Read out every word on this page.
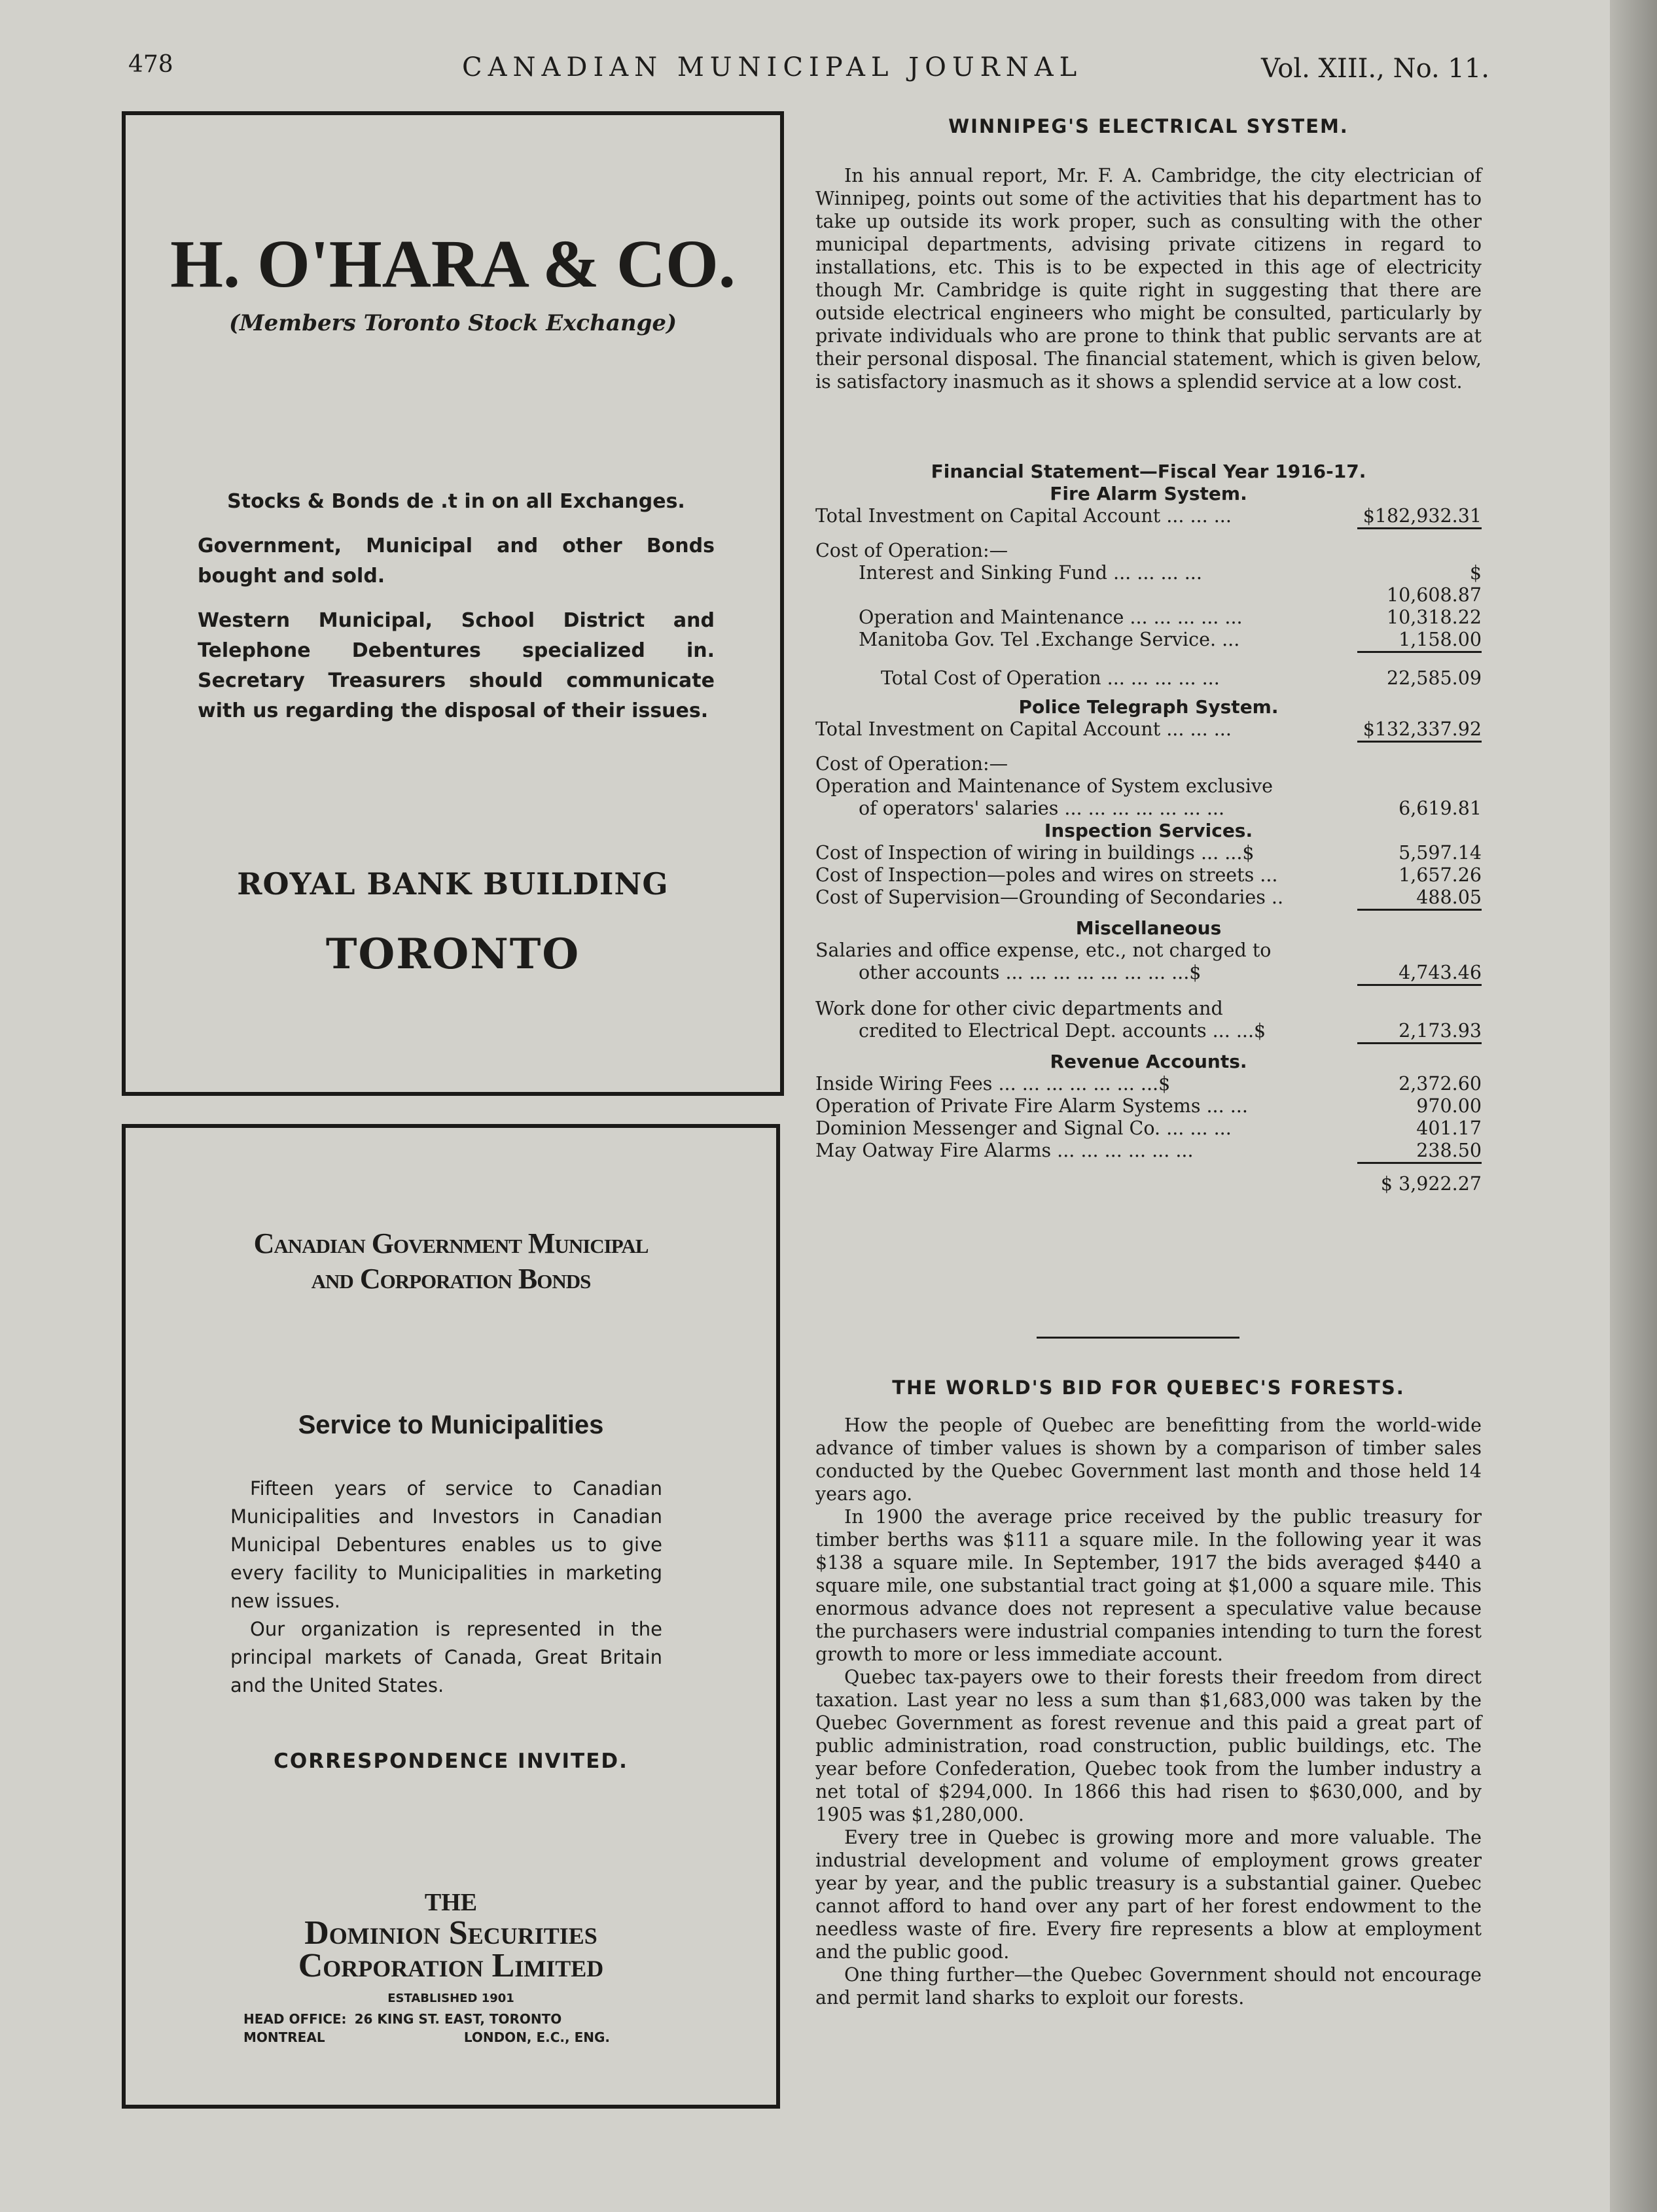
478	CANADIAN MUNICIPAL JOURNAL	Vol. XIII., No. 11.
H. O'HARA & CO.
(Members Toronto Stock Exchange)

Stocks & Bonds de .t in on all Exchanges.

Government, Municipal and other Bonds bought and sold.

Western Municipal, School District and Telephone Debentures specialized in. Secretary Treasurers should communicate with us regarding the disposal of their issues.

ROYAL BANK BUILDING
TORONTO
Canadian Government Municipal
and Corporation Bonds
Service to Municipalities

Fifteen years of service to Canadian Municipalities and Investors in Canadian Municipal Debentures enables us to give every facility to Municipalities in marketing new issues.

Our organization is represented in the principal markets of Canada, Great Britain and the United States.

CORRESPONDENCE INVITED.
THE
Dominion Securities
Corporation Limited
ESTABLISHED 1901
HEAD OFFICE: 26 KING ST. EAST, TORONTO
MONTREAL	LONDON, E.C., ENG.
WINNIPEG'S ELECTRICAL SYSTEM.

In his annual report, Mr. F. A. Cambridge, the city electrician of Winnipeg, points out some of the activities that his department has to take up outside its work proper, such as consulting with the other municipal departments, advising private citizens in regard to installations, etc. This is to be expected in this age of electricity though Mr. Cambridge is quite right in suggesting that there are outside electrical engineers who might be consulted, particularly by private individuals who are prone to think that public servants are at their personal disposal. The financial statement, which is given below, is satisfactory inasmuch as it shows a splendid service at a low cost.

Financial Statement—Fiscal Year 1916-17.
Fire Alarm System.
Total Investment on Capital Account ... ... ...	$182,932.31
Cost of Operation:—
Interest and Sinking Fund ... ... ... ...	$ 10,608.87
Operation and Maintenance ... ... ... ... ...	10,318.22
Manitoba Gov. Tel .Exchange Service. ...	1,158.00
Total Cost of Operation ... ... ... ... ...	22,585.09
Police Telegraph System.
Total Investment on Capital Account ... ... ...	$132,337.92
Cost of Operation:—
Operation and Maintenance of System exclusive
of operators' salaries ... ... ... ... ... ... ...	6,619.81
Inspection Services.
Cost of Inspection of wiring in buildings ... ...$	5,597.14
Cost of Inspection—poles and wires on streets ...	1,657.26
Cost of Supervision—Grounding of Secondaries ..	488.05
Miscellaneous
Salaries and office expense, etc., not charged to
other accounts ... ... ... ... ... ... ... ...$	4,743.46
Work done for other civic departments and
credited to Electrical Dept. accounts ... ...$	2,173.93
Revenue Accounts.
Inside Wiring Fees ... ... ... ... ... ... ...$	2,372.60
Operation of Private Fire Alarm Systems ... ...	970.00
Dominion Messenger and Signal Co. ... ... ...	401.17
May Oatway Fire Alarms ... ... ... ... ... ...	238.50
$ 3,922.27
THE WORLD'S BID FOR QUEBEC'S FORESTS.

How the people of Quebec are benefitting from the world-wide advance of timber values is shown by a comparison of timber sales conducted by the Quebec Government last month and those held 14 years ago.

In 1900 the average price received by the public treasury for timber berths was $111 a square mile. In the following year it was $138 a square mile. In September, 1917 the bids averaged $440 a square mile, one substantial tract going at $1,000 a square mile. This enormous advance does not represent a speculative value because the purchasers were industrial companies intending to turn the forest growth to more or less immediate account.

Quebec tax-payers owe to their forests their freedom from direct taxation. Last year no less a sum than $1,683,000 was taken by the Quebec Government as forest revenue and this paid a great part of public administration, road construction, public buildings, etc. The year before Confederation, Quebec took from the lumber industry a net total of $294,000. In 1866 this had risen to $630,000, and by 1905 was $1,280,000.

Every tree in Quebec is growing more and more valuable. The industrial development and volume of employment grows greater year by year, and the public treasury is a substantial gainer. Quebec cannot afford to hand over any part of her forest endowment to the needless waste of fire. Every fire represents a blow at employment and the public good.

One thing further—the Quebec Government should not encourage and permit land sharks to exploit our forests.
